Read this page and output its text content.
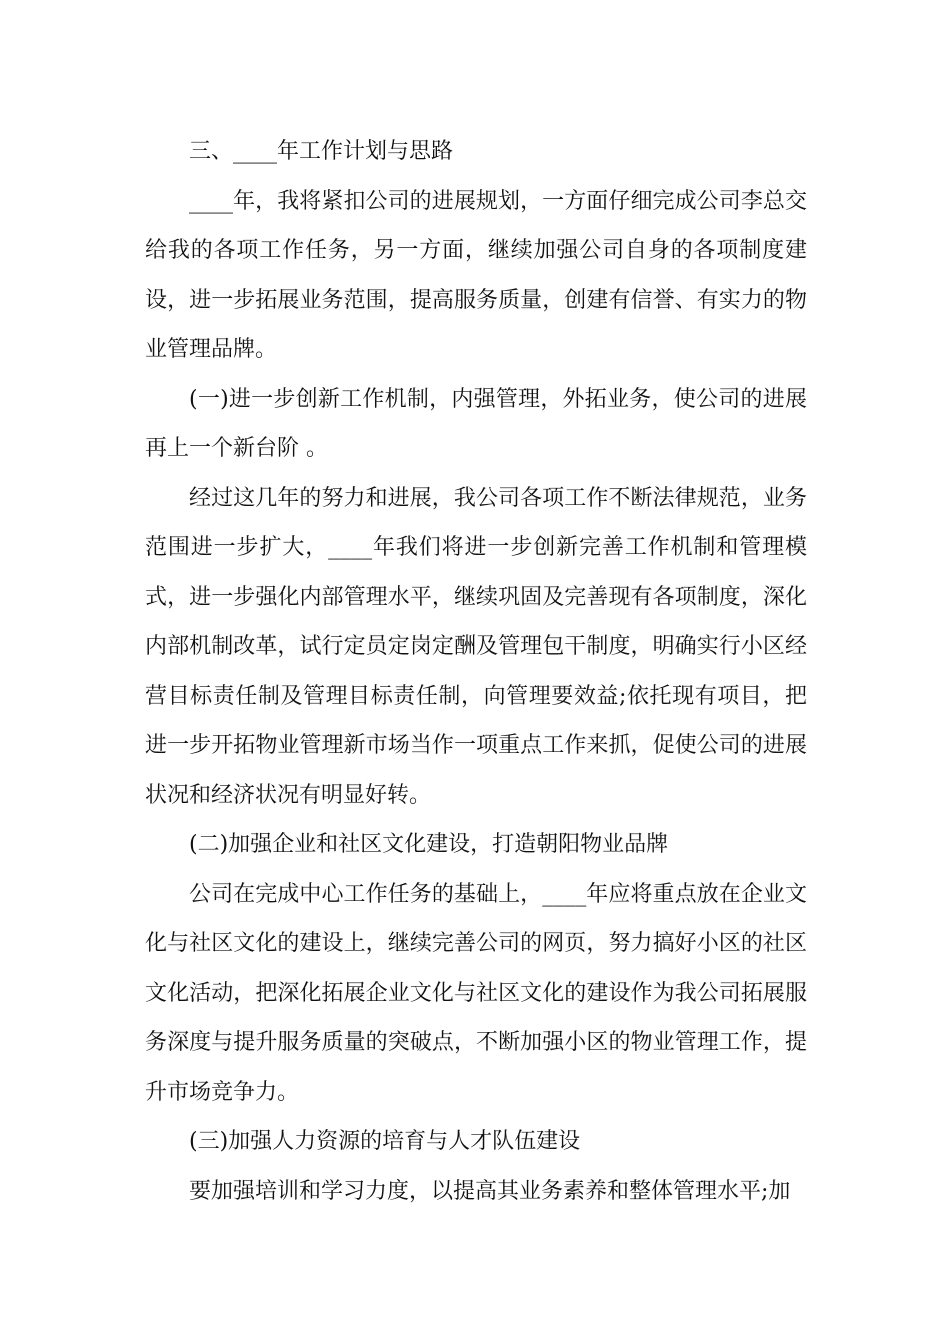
三、____年工作计划与思路

____年，我将紧扣公司的进展规划，一方面仔细完成公司李总交给我的各项工作任务，另一方面，继续加强公司自身的各项制度建设，进一步拓展业务范围，提高服务质量，创建有信誉、有实力的物业管理品牌。

(一)进一步创新工作机制，内强管理，外拓业务，使公司的进展再上一个新台阶 。

经过这几年的努力和进展，我公司各项工作不断法律规范，业务范围进一步扩大，____年我们将进一步创新完善工作机制和管理模式，进一步强化内部管理水平，继续巩固及完善现有各项制度，深化内部机制改革，试行定员定岗定酬及管理包干制度，明确实行小区经营目标责任制及管理目标责任制，向管理要效益;依托现有项目，把进一步开拓物业管理新市场当作一项重点工作来抓，促使公司的进展状况和经济状况有明显好转。

(二)加强企业和社区文化建设，打造朝阳物业品牌

公司在完成中心工作任务的基础上，____年应将重点放在企业文化与社区文化的建设上，继续完善公司的网页，努力搞好小区的社区文化活动，把深化拓展企业文化与社区文化的建设作为我公司拓展服务深度与提升服务质量的突破点，不断加强小区的物业管理工作，提升市场竞争力。

(三)加强人力资源的培育与人才队伍建设

要加强培训和学习力度，以提高其业务素养和整体管理水平;加
